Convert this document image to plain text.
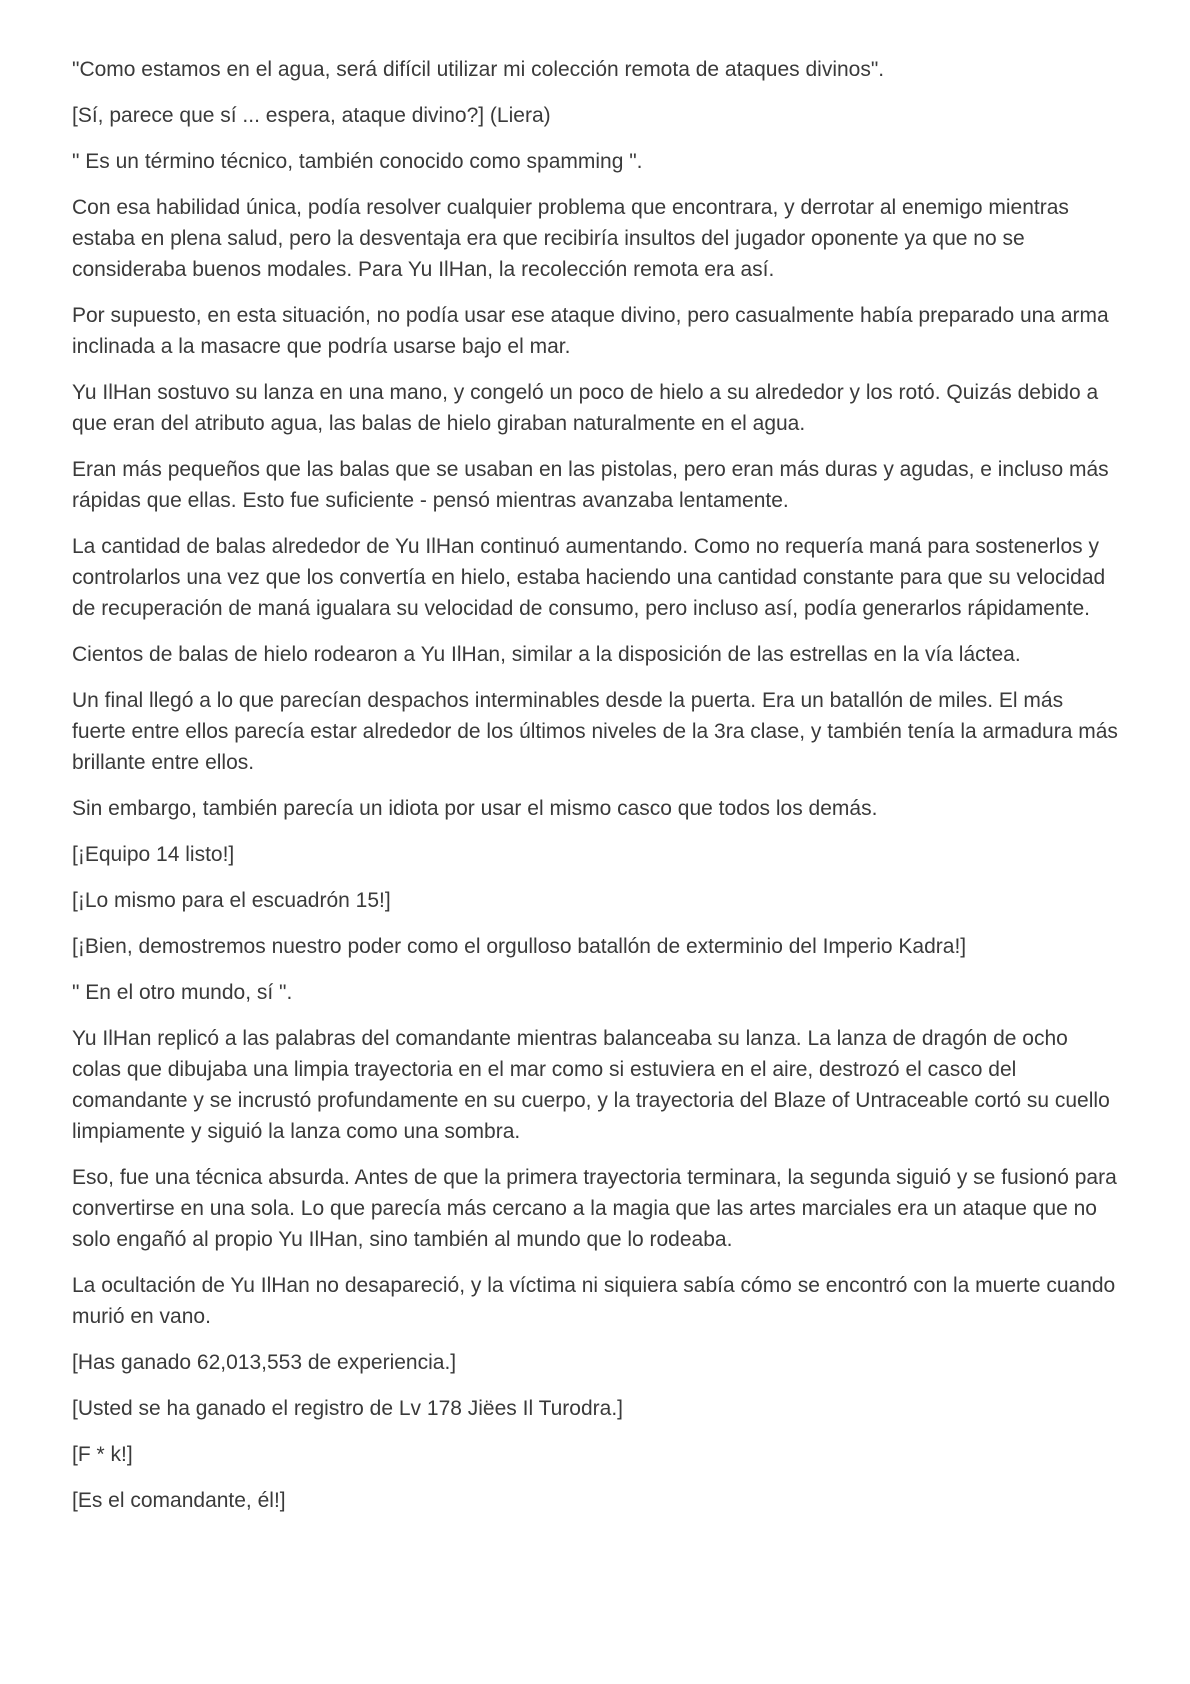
"Como estamos en el agua, será difícil utilizar mi colección remota de ataques divinos".

[Sí, parece que sí ... espera, ataque divino?] (Liera)

" Es un término técnico, también conocido como spamming ".

Con esa habilidad única, podía resolver cualquier problema que encontrara, y derrotar al enemigo mientras estaba en plena salud, pero la desventaja era que recibiría insultos del jugador oponente ya que no se consideraba buenos modales. Para Yu IlHan, la recolección remota era así.

Por supuesto, en esta situación, no podía usar ese ataque divino, pero casualmente había preparado una arma inclinada a la masacre que podría usarse bajo el mar.

Yu IlHan sostuvo su lanza en una mano, y congeló un poco de hielo a su alrededor y los rotó. Quizás debido a que eran del atributo agua, las balas de hielo giraban naturalmente en el agua.

Eran más pequeños que las balas que se usaban en las pistolas, pero eran más duras y agudas, e incluso más rápidas que ellas. Esto fue suficiente - pensó mientras avanzaba lentamente.

La cantidad de balas alrededor de Yu IlHan continuó aumentando. Como no requería maná para sostenerlos y controlarlos una vez que los convertía en hielo, estaba haciendo una cantidad constante para que su velocidad de recuperación de maná igualara su velocidad de consumo, pero incluso así, podía generarlos rápidamente.

Cientos de balas de hielo rodearon a Yu IlHan, similar a la disposición de las estrellas en la vía láctea.

Un final llegó a lo que parecían despachos interminables desde la puerta. Era un batallón de miles. El más fuerte entre ellos parecía estar alrededor de los últimos niveles de la 3ra clase, y también tenía la armadura más brillante entre ellos.

Sin embargo, también parecía un idiota por usar el mismo casco que todos los demás.

[¡Equipo 14 listo!]

[¡Lo mismo para el escuadrón 15!]

[¡Bien, demostremos nuestro poder como el orgulloso batallón de exterminio del Imperio Kadra!]

" En el otro mundo, sí ".

Yu IlHan replicó a las palabras del comandante mientras balanceaba su lanza. La lanza de dragón de ocho colas que dibujaba una limpia trayectoria en el mar como si estuviera en el aire, destrozó el casco del comandante y se incrustó profundamente en su cuerpo, y la trayectoria del Blaze of Untraceable cortó su cuello limpiamente y siguió la lanza como una sombra.

Eso, fue una técnica absurda. Antes de que la primera trayectoria terminara, la segunda siguió y se fusionó para convertirse en una sola. Lo que parecía más cercano a la magia que las artes marciales era un ataque que no solo engañó al propio Yu IlHan, sino también al mundo que lo rodeaba.

La ocultación de Yu IlHan no desapareció, y la víctima ni siquiera sabía cómo se encontró con la muerte cuando murió en vano.

[Has ganado 62,013,553 de experiencia.]

[Usted se ha ganado el registro de Lv 178 Jiëes Il Turodra.]

[F * k!]

[Es el comandante, él!]
